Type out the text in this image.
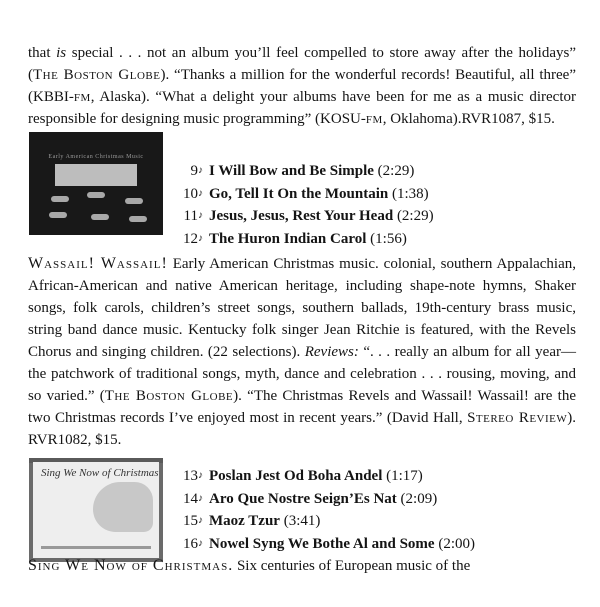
that is special . . . not an album you’ll feel compelled to store away after the holidays” (The Boston Globe). “Thanks a million for the wonderful records! Beautiful, all three” (KBBI-fm, Alaska). “What a delight your albums have been for me as a music director responsible for designing music programming” (KOSU-fm, Oklahoma).RVR1087, $15.

Early American Christmas Music
9♪ I Will Bow and Be Simple (2:29)
10♪ Go, Tell It On the Mountain (1:38)
11♪ Jesus, Jesus, Rest Your Head (2:29)
12♪ The Huron Indian Carol (1:56)

Wassail! Wassail! Early American Christmas music. colonial, southern Appalachian, African-American and native American heritage, including shape-note hymns, Shaker songs, folk carols, children’s street songs, southern ballads, 19th-century brass music, string band dance music. Kentucky folk singer Jean Ritchie is featured, with the Revels Chorus and singing children. (22 selections). Reviews: “. . . really an album for all year—the patchwork of traditional songs, myth, dance and celebration . . . rousing, moving, and so varied.” (The Boston Globe). “The Christmas Revels and Wassail! Wassail! are the two Christmas records I’ve enjoyed most in recent years.” (David Hall, Stereo Review). RVR1082, $15.

Sing We Now of Christmas	13♪ Poslan Jest Od Boha Andel (1:17)
14♪ Aro Que Nostre Seign’Es Nat (2:09)
15♪ Maoz Tzur (3:41)
16♪ Nowel Syng We Bothe Al and Some (2:00)

Sing We Now of Christmas. Six centuries of European music of the
